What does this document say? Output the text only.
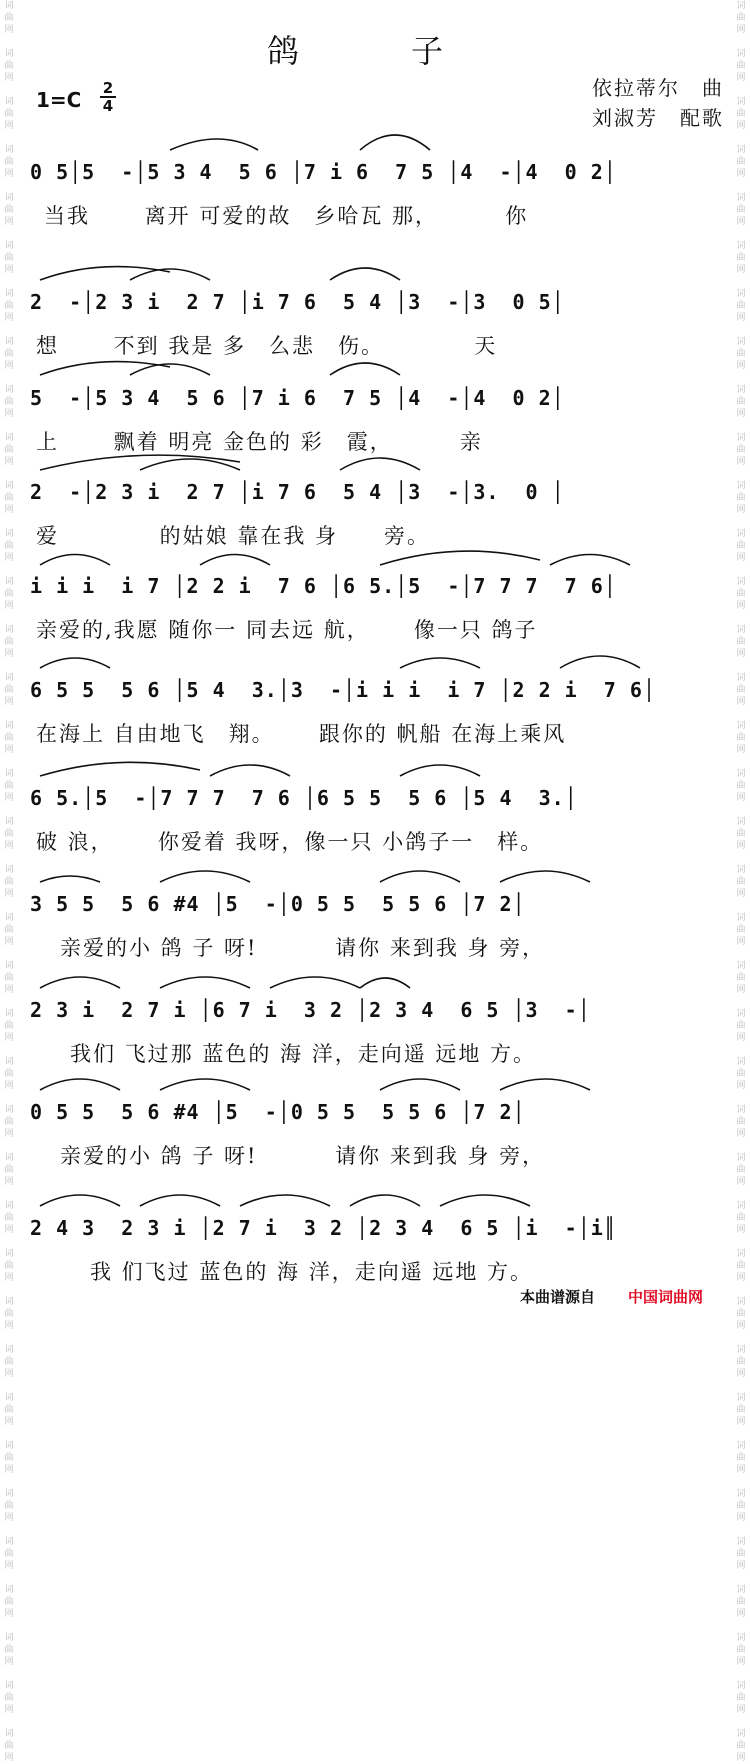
词
曲
网

词
曲
网

词
曲
网

词
曲
网

词
曲
网

词
曲
网

词
曲
网

词
曲
网

词
曲
网

词
曲
网

词
曲
网

词
曲
网

词
曲
网

词
曲
网

词
曲
网

词
曲
网

词
曲
网

词
曲
网

词
曲
网

词
曲
网

词
曲
网

词
曲
网

词
曲
网

词
曲
网

词
曲
网

词
曲
网

词
曲
网

词
曲
网

词
曲
网

词
曲
网

词
曲
网

词
曲
网

词
曲
网

词
曲
网

词
曲
网

词
曲
网

词
曲
网

词
曲
网

词
曲
网

词
曲
网

词
曲
网

词
曲
网

词
曲
网

词
曲
网

词
曲
网

词
曲
网

词
曲
网

词
曲
网

词
曲
网

词
曲
网

词
曲
网

词
曲
网

词
曲
网

词
曲
网

词
曲
网

词
曲
网

词
曲
网

词
曲
网

词
曲
网

词
曲
网

词
曲
网

词
曲
网

词
曲
网

词
曲
网

词
曲
网

词
曲
网

词
曲
网

词
曲
网

词
曲
网

词
曲
网

词
曲
网

词
曲
网

词
曲
网

词
曲
网

鸽　子
1=C 2
4
依拉蒂尔　曲
刘淑芳　配歌
0 5│5  -│5 3 4  5 6 │7 i 6  7 5 │4  -│4  0 2│
当我　　 离开 可爱的故　乡哈瓦 那，　　　 你
2  -│2 3 i  2 7 │i 7 6  5 4 │3  -│3  0 5│
想　　 不到 我是 多　么悲　伤。　　　　 天
5  -│5 3 4  5 6 │7 i 6  7 5 │4  -│4  0 2│
上　　 飘着 明亮 金色的 彩　霞，　　　 亲
2  -│2 3 i  2 7 │i 7 6  5 4 │3  -│3.  0 │
爱　　　　 的姑娘 靠在我 身　　旁。
i i i  i 7 │2 2 i  7 6 │6 5.│5  -│7 7 7  7 6│
亲爱的,我愿 随你一 同去远 航，　　 像一只 鸽子
6 5 5  5 6 │5 4  3.│3  -│i i i  i 7 │2 2 i  7 6│
在海上 自由地飞　翔。　　 跟你的 帆船 在海上乘风
6 5.│5  -│7 7 7  7 6 │6 5 5  5 6 │5 4  3.│
破 浪，　　 你爱着 我呀，像一只 小鸽子一　样。
3 5 5  5 6 #4 │5  -│0 5 5  5 5 6 │7 2│
亲爱的小 鸽 子 呀!　　　 请你 来到我 身 旁，
2 3 i  2 7 i │6 7 i  3 2 │2 3 4  6 5 │3  -│
我们 飞过那 蓝色的 海 洋，走向遥 远地 方。
0 5 5  5 6 #4 │5  -│0 5 5  5 5 6 │7 2│
亲爱的小 鸽 子 呀!　　　 请你 来到我 身 旁，
2 4 3  2 3 i │2 7 i  3 2 │2 3 4  6 5 │i  -│i║
我 们飞过 蓝色的 海 洋，走向遥 远地 方。
本曲谱源自 中国词曲网
